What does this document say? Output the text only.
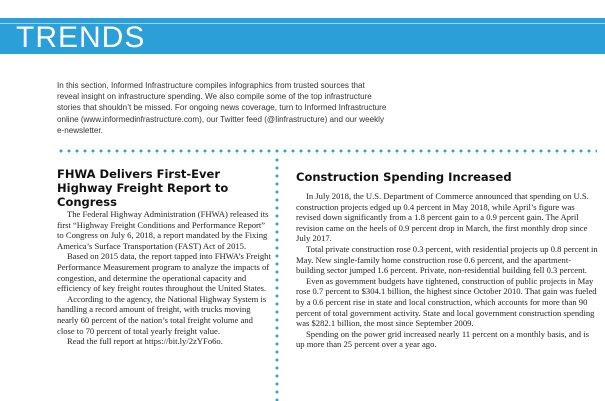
TRENDS
In this section, Informed Infrastructure compiles infographics from trusted sources that reveal insight on infrastructure spending. We also compile some of the top infrastructure stories that shouldn’t be missed. For ongoing news coverage, turn to Informed Infrastructure online (www.informedinfrastructure.com), our Twitter feed (@Iinfrastructure) and our weekly e-newsletter.
FHWA Delivers First-Ever Highway Freight Report to Congress

The Federal Highway Administration (FHWA) released its first “Highway Freight Conditions and Performance Report” to Congress on July 6, 2018, a report mandated by the Fixing America’s Surface Transportation (FAST) Act of 2015.

Based on 2015 data, the report tapped into FHWA’s Freight Performance Measurement program to analyze the impacts of congestion, and determine the operational capacity and efficiency of key freight routes throughout the United States.

According to the agency, the National Highway System is handling a record amount of freight, with trucks moving nearly 60 percent of the nation’s total freight volume and close to 70 percent of total yearly freight value.

Read the full report at https://bit.ly/2zYFo6o.

Construction Spending Increased

In July 2018, the U.S. Department of Commerce announced that spending on U.S. construction projects edged up 0.4 percent in May 2018, while April’s figure was revised down significantly from a 1.8 percent gain to a 0.9 percent gain. The April revision came on the heels of 0.9 percent drop in March, the first monthly drop since July 2017.

Total private construction rose 0.3 percent, with residential projects up 0.8 percent in May. New single-family home construction rose 0.6 percent, and the apartment-building sector jumped 1.6 percent. Private, non-residential building fell 0.3 percent.

Even as government budgets have tightened, construction of public projects in May rose 0.7 percent to $304.1 billion, the highest since October 2010. That gain was fueled by a 0.6 percent rise in state and local construction, which accounts for more than 90 percent of total government activity. State and local government construction spending was $282.1 billion, the most since September 2009.

Spending on the power grid increased nearly 11 percent on a monthly basis, and is up more than 25 percent over a year ago.
